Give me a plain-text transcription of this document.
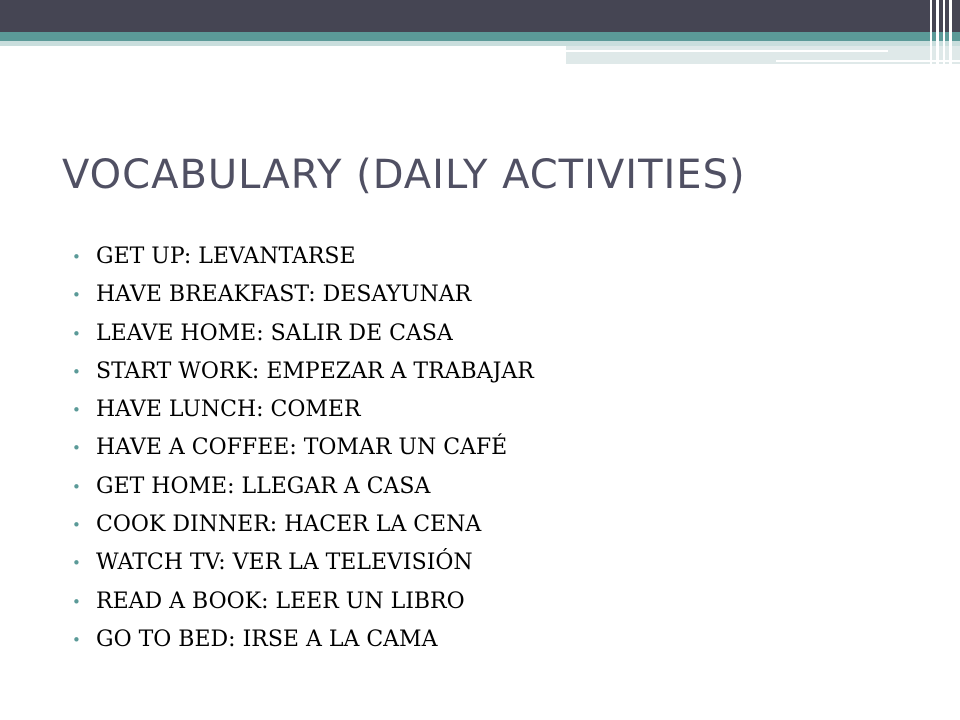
VOCABULARY (DAILY ACTIVITIES)
• GET UP: LEVANTARSE
• HAVE BREAKFAST: DESAYUNAR
• LEAVE HOME: SALIR DE CASA
• START WORK: EMPEZAR A TRABAJAR
• HAVE LUNCH: COMER
• HAVE A COFFEE: TOMAR UN CAFÉ
• GET HOME: LLEGAR A CASA
• COOK DINNER: HACER LA CENA
• WATCH TV: VER LA TELEVISIÓN
• READ A BOOK: LEER UN LIBRO
• GO TO BED: IRSE A LA CAMA
